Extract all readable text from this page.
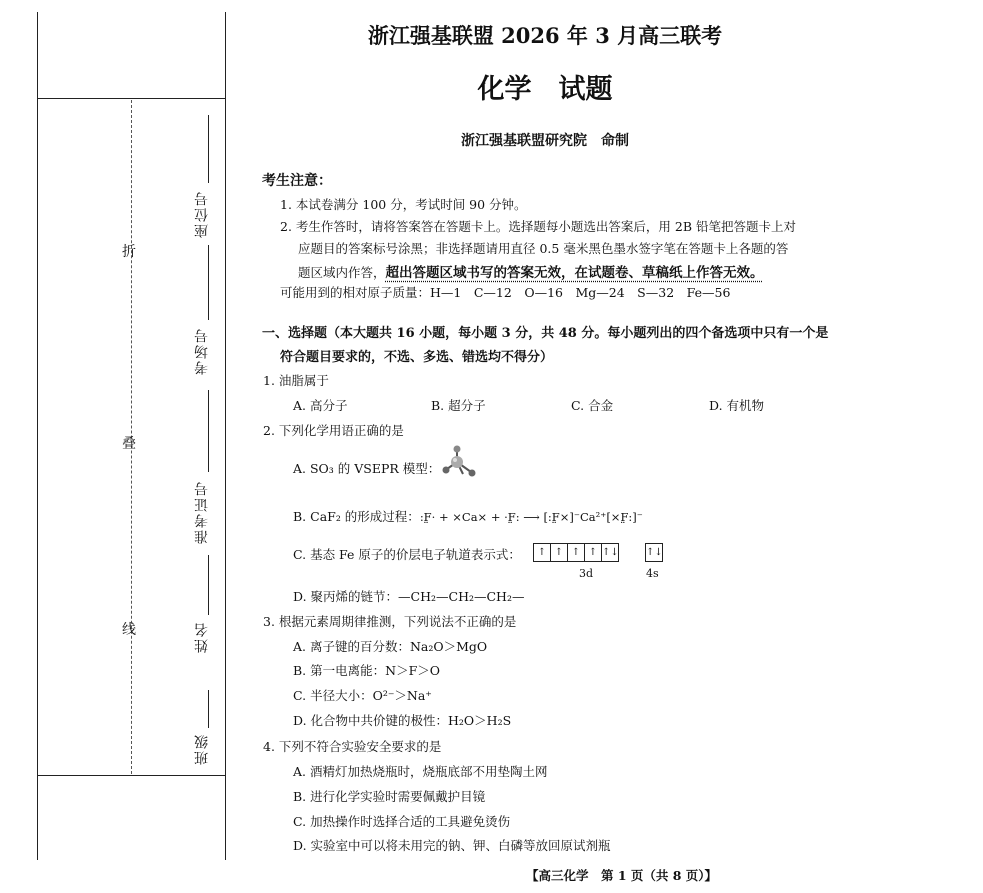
折
叠
线
座位号
考场号
准考证号
姓名
班级
浙江强基联盟 2026 年 3 月高三联考
化学　试题
浙江强基联盟研究院　命制
考生注意：
1. 本试卷满分 100 分，考试时间 90 分钟。
2. 考生作答时，请将答案答在答题卡上。选择题每小题选出答案后，用 2B 铅笔把答题卡上对
应题目的答案标号涂黑；非选择题请用直径 0.5 毫米黑色墨水签字笔在答题卡上各题的答
题区域内作答，超出答题区域书写的答案无效，在试题卷、草稿纸上作答无效。
可能用到的相对原子质量：H—1　C—12　O—16　Mg—24　S—32　Fe—56
一、选择题（本大题共 16 小题，每小题 3 分，共 48 分。每小题列出的四个备选项中只有一个是
符合题目要求的，不选、多选、错选均不得分）
1. 油脂属于
A. 高分子	B. 超分子	C. 合金	D. 有机物
2. 下列化学用语正确的是
A. SO₃ 的 VSEPR 模型：
B. CaF₂ 的形成过程：:F̤· + ×Ca× + ·F̤: ⟶ [:F̤×]⁻Ca²⁺[×F̤:]⁻
C. 基态 Fe 原子的价层电子轨道表示式：	↑ ↑ ↑ ↑ ↑↓	↑↓
3d	4s
D. 聚丙烯的链节：—CH₂—CH₂—CH₂—
3. 根据元素周期律推测，下列说法不正确的是
A. 离子键的百分数：Na₂O＞MgO
B. 第一电离能：N＞F＞O
C. 半径大小：O²⁻＞Na⁺
D. 化合物中共价键的极性：H₂O＞H₂S
4. 下列不符合实验安全要求的是
A. 酒精灯加热烧瓶时，烧瓶底部不用垫陶土网
B. 进行化学实验时需要佩戴护目镜
C. 加热操作时选择合适的工具避免烫伤
D. 实验室中可以将未用完的钠、钾、白磷等放回原试剂瓶
【高三化学　第 1 页（共 8 页）】
